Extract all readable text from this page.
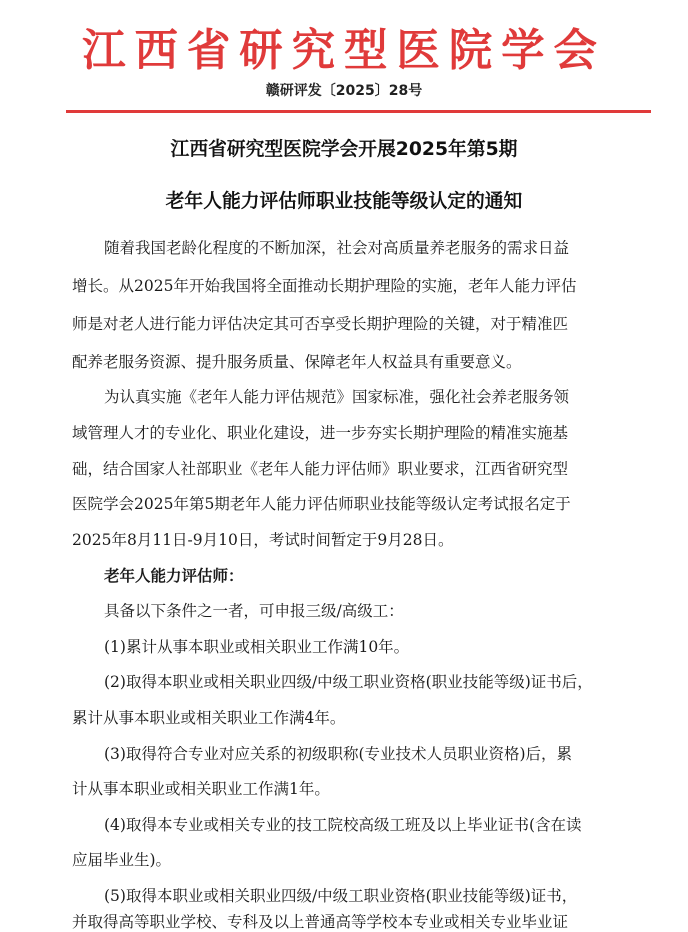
江西省研究型医院学会
赣研评发〔2025〕28号
江西省研究型医院学会开展2025年第5期
老年人能力评估师职业技能等级认定的通知
随着我国老龄化程度的不断加深，社会对高质量养老服务的需求日益
增长。从2025年开始我国将全面推动长期护理险的实施，老年人能力评估
师是对老人进行能力评估决定其可否享受长期护理险的关键，对于精准匹
配养老服务资源、提升服务质量、保障老年人权益具有重要意义。
为认真实施《老年人能力评估规范》国家标准，强化社会养老服务领
域管理人才的专业化、职业化建设，进一步夯实长期护理险的精准实施基
础，结合国家人社部职业《老年人能力评估师》职业要求，江西省研究型
医院学会2025年第5期老年人能力评估师职业技能等级认定考试报名定于
2025年8月11日-9月10日，考试时间暂定于9月28日。
老年人能力评估师：
具备以下条件之一者，可申报三级/高级工：
(1)累计从事本职业或相关职业工作满10年。
(2)取得本职业或相关职业四级/中级工职业资格(职业技能等级)证书后，
累计从事本职业或相关职业工作满4年。
(3)取得符合专业对应关系的初级职称(专业技术人员职业资格)后，累
计从事本职业或相关职业工作满1年。
(4)取得本专业或相关专业的技工院校高级工班及以上毕业证书(含在读
应届毕业生)。
(5)取得本职业或相关职业四级/中级工职业资格(职业技能等级)证书，
并取得高等职业学校、专科及以上普通高等学校本专业或相关专业毕业证
